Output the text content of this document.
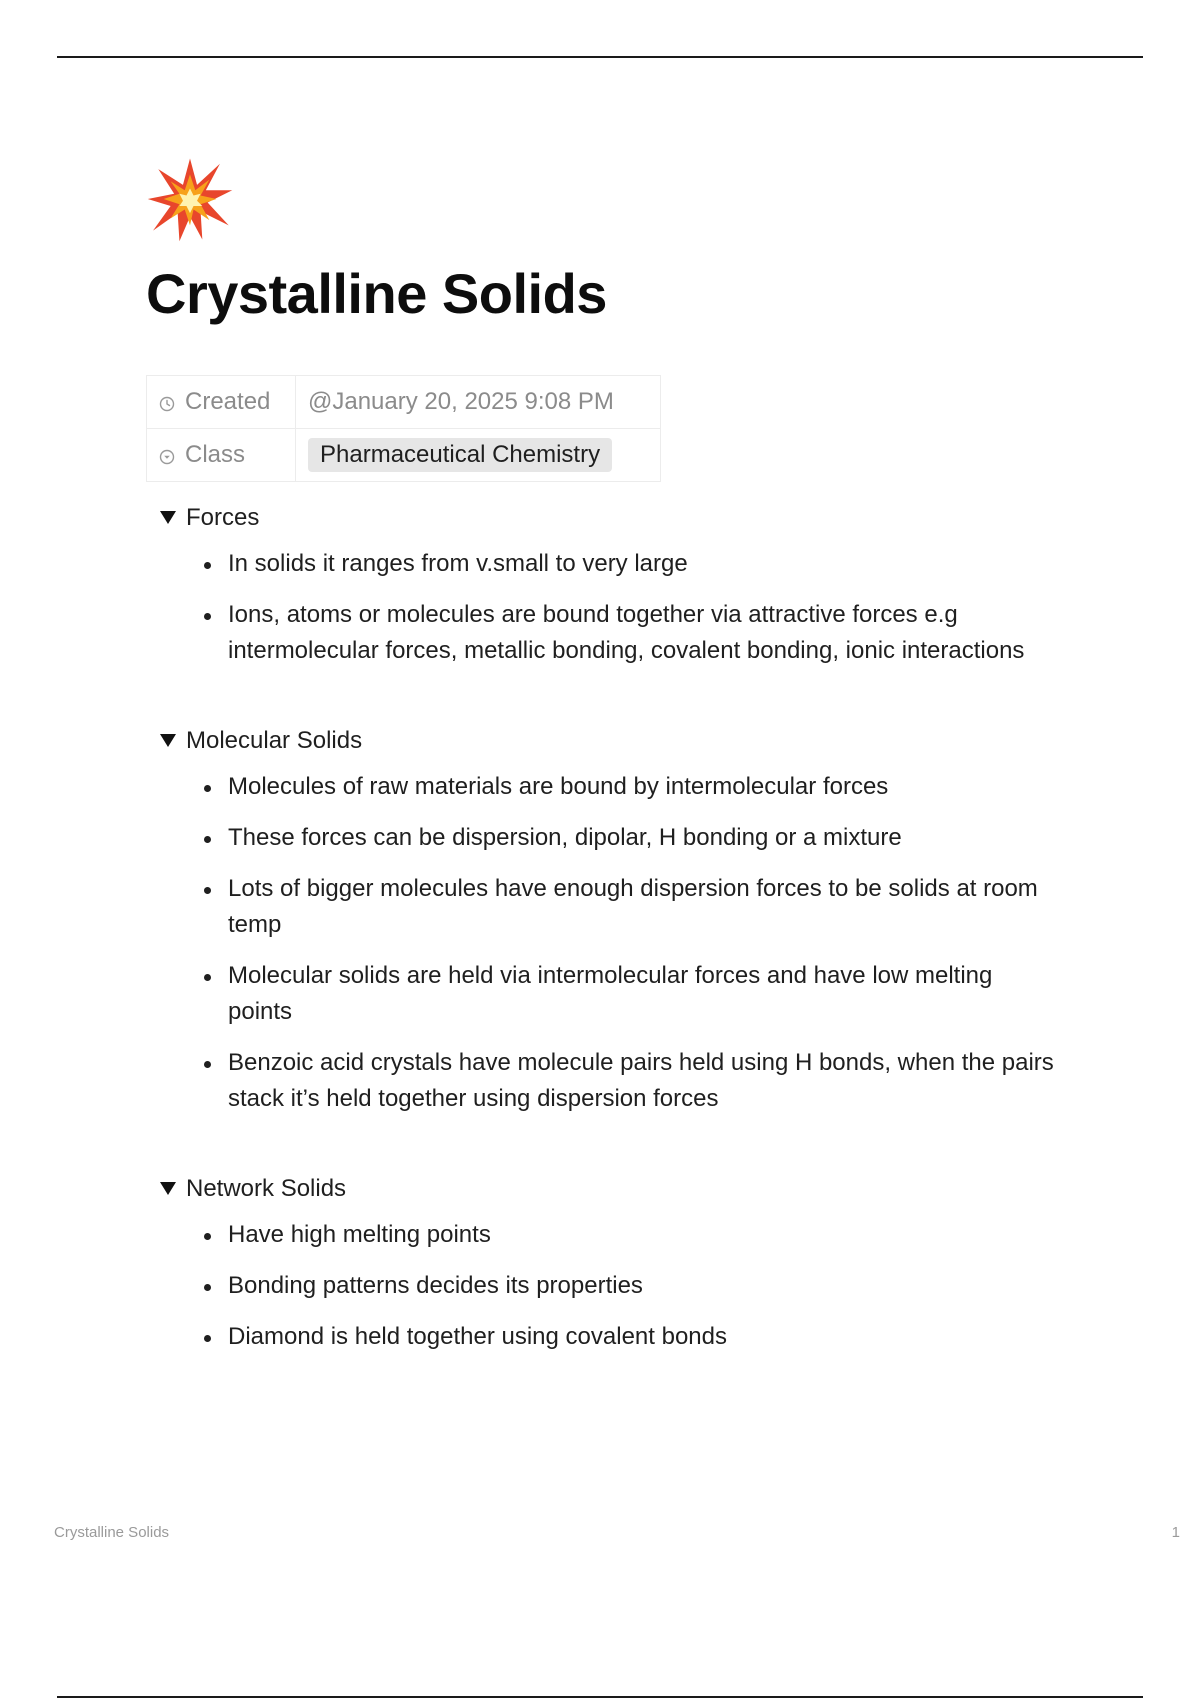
Crystalline Solids
Created	@January 20, 2025 9:08 PM
Class	Pharmaceutical Chemistry
Forces
In solids it ranges from v.small to very large
Ions, atoms or molecules are bound together via attractive forces e.g intermolecular forces, metallic bonding, covalent bonding, ionic interactions
Molecular Solids
Molecules of raw materials are bound by intermolecular forces
These forces can be dispersion, dipolar, H bonding or a mixture
Lots of bigger molecules have enough dispersion forces to be solids at room temp
Molecular solids are held via intermolecular forces and have low melting points
Benzoic acid crystals have molecule pairs held using H bonds, when the pairs stack it’s held together using dispersion forces
Network Solids
Have high melting points
Bonding patterns decides its properties
Diamond is held together using covalent bonds
Crystalline Solids	1
